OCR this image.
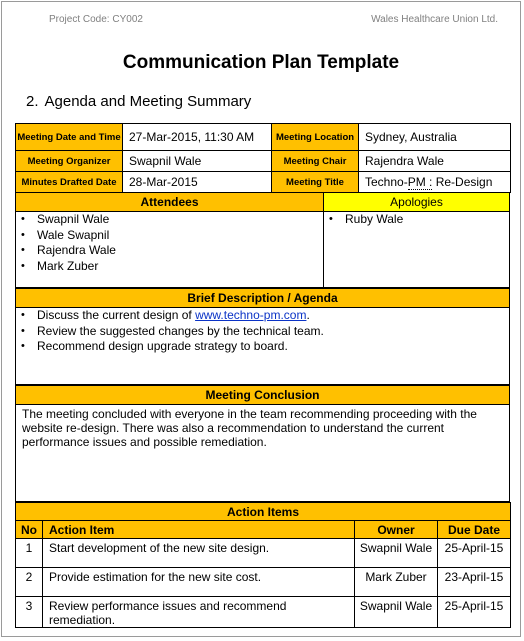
Project Code: CY002	Wales Healthcare Union Ltd.
Communication Plan Template
2. Agenda and Meeting Summary
Meeting Date and Time	27-Mar-2015, 11:30 AM	Meeting Location	Sydney, Australia
Meeting Organizer	Swapnil Wale	Meeting Chair	Rajendra Wale
Minutes Drafted Date	28-Mar-2015	Meeting Title	Techno-PM : Re-Design
Attendees
• Swapnil Wale
• Wale Swapnil
• Rajendra Wale
• Mark Zuber
Apologies
• Ruby Wale
Brief Description / Agenda
• Discuss the current design of www.techno-pm.com.
• Review the suggested changes by the technical team.
• Recommend design upgrade strategy to board.
Meeting Conclusion
The meeting concluded with everyone in the team recommending proceeding with the website re-design. There was also a recommendation to understand the current performance issues and possible remediation.
Action Items			
No	Action Item	Owner	Due Date
1	Start development of the new site design.	Swapnil Wale	25-April-15
2	Provide estimation for the new site cost.	Mark Zuber	23-April-15
3	Review performance issues and recommend remediation.	Swapnil Wale	25-April-15
